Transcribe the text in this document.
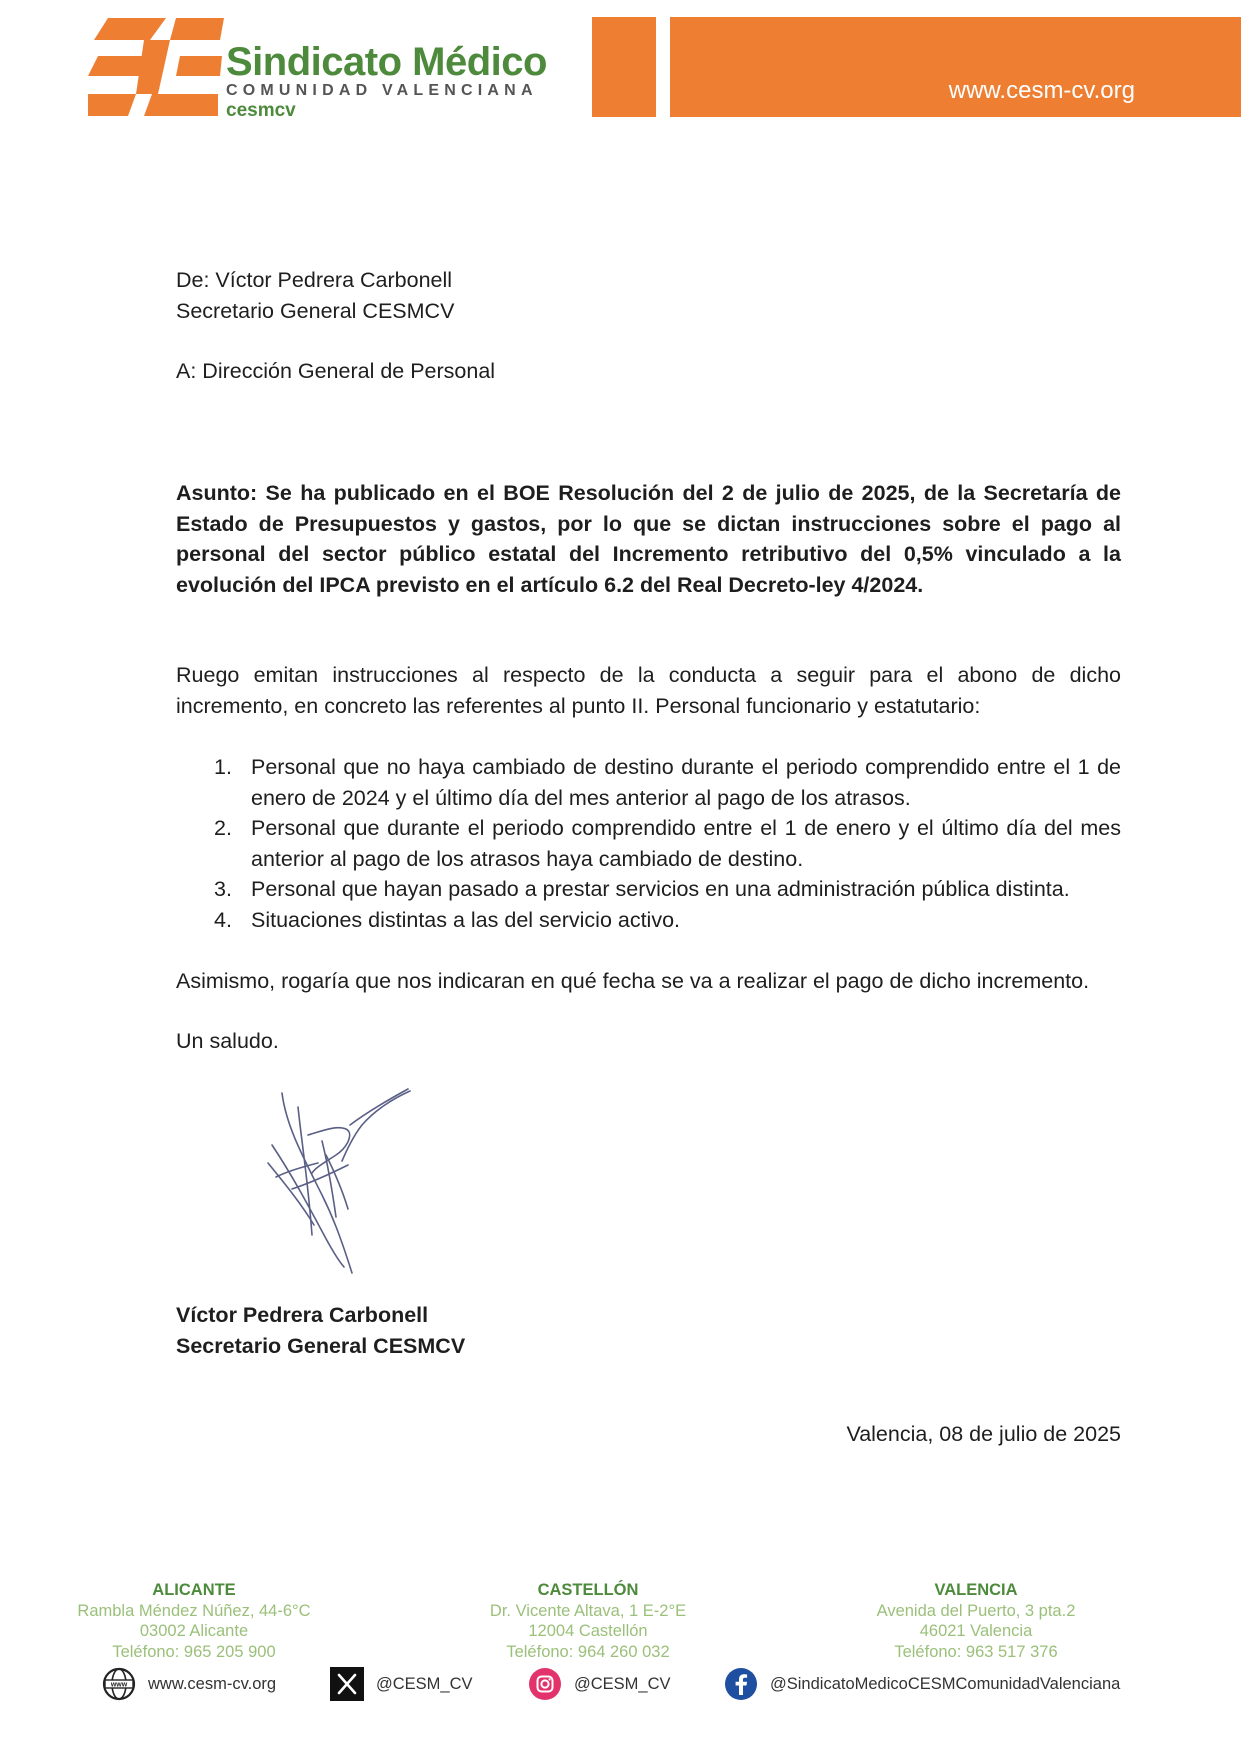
Sindicato Médico
COMUNIDAD VALENCIANA
cesmcv
www.cesm-cv.org
De: Víctor Pedrera Carbonell
Secretario General CESMCV
A: Dirección General de Personal
Asunto: Se ha publicado en el BOE Resolución del 2 de julio de 2025, de la Secretaría de Estado de Presupuestos y gastos, por lo que se dictan instrucciones sobre el pago al personal del sector público estatal del Incremento retributivo del 0,5% vinculado a la evolución del IPCA previsto en el artículo 6.2 del Real Decreto-ley 4/2024.
Ruego emitan instrucciones al respecto de la conducta a seguir para el abono de dicho incremento, en concreto las referentes al punto II. Personal funcionario y estatutario:
1. Personal que no haya cambiado de destino durante el periodo comprendido entre el 1 de enero de 2024 y el último día del mes anterior al pago de los atrasos.
2. Personal que durante el periodo comprendido entre el 1 de enero y el último día del mes anterior al pago de los atrasos haya cambiado de destino.
3. Personal que hayan pasado a prestar servicios en una administración pública distinta.
4. Situaciones distintas a las del servicio activo.
Asimismo, rogaría que nos indicaran en qué fecha se va a realizar el pago de dicho incremento.
Un saludo.
Víctor Pedrera Carbonell
Secretario General CESMCV
Valencia, 08 de julio de 2025
ALICANTE
Rambla Méndez Núñez, 44-6°C
03002 Alicante
Teléfono: 965 205 900
CASTELLÓN
Dr. Vicente Altava, 1 E-2°E
12004 Castellón
Teléfono: 964 260 032
VALENCIA
Avenida del Puerto, 3 pta.2
46021 Valencia
Teléfono: 963 517 376
www www.cesm-cv.org	@CESM_CV	@CESM_CV	@SindicatoMedicoCESMComunidadValenciana
